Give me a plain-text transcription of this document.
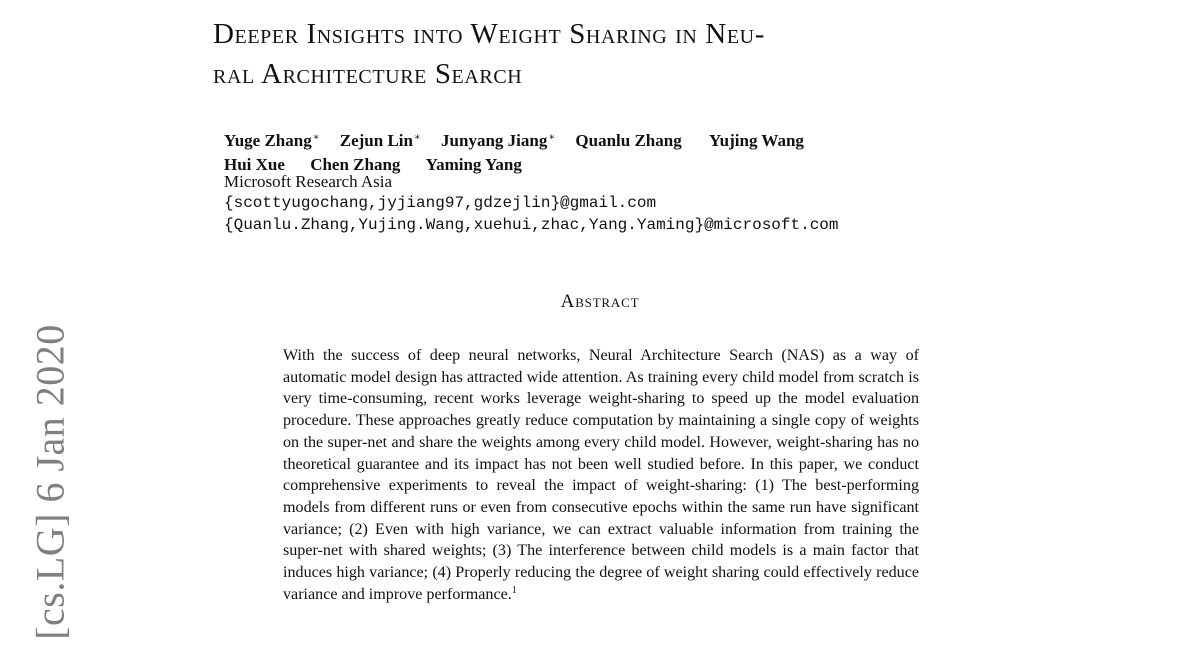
[cs.LG] 6 Jan 2020
Deeper Insights into Weight Sharing in Neu-
ral Architecture Search
Yuge Zhang∗ Zejun Lin∗ Junyang Jiang∗ Quanlu Zhang Yujing Wang
Hui Xue Chen Zhang Yaming Yang
Microsoft Research Asia
{scottyugochang,jyjiang97,gdzejlin}@gmail.com
{Quanlu.Zhang,Yujing.Wang,xuehui,zhac,Yang.Yaming}@microsoft.com
Abstract

With the success of deep neural networks, Neural Architecture Search (NAS) as a way of automatic model design has attracted wide attention. As training every child model from scratch is very time-consuming, recent works leverage weight-sharing to speed up the model evaluation procedure. These approaches greatly reduce computation by maintaining a single copy of weights on the super-net and share the weights among every child model. However, weight-sharing has no theoretical guarantee and its impact has not been well studied before. In this paper, we conduct comprehensive experiments to reveal the impact of weight-sharing: (1) The best-performing models from different runs or even from consecutive epochs within the same run have significant variance; (2) Even with high variance, we can extract valuable information from training the super-net with shared weights; (3) The interference between child models is a main factor that induces high variance; (4) Properly reducing the degree of weight sharing could effectively reduce variance and improve performance.$^1$
